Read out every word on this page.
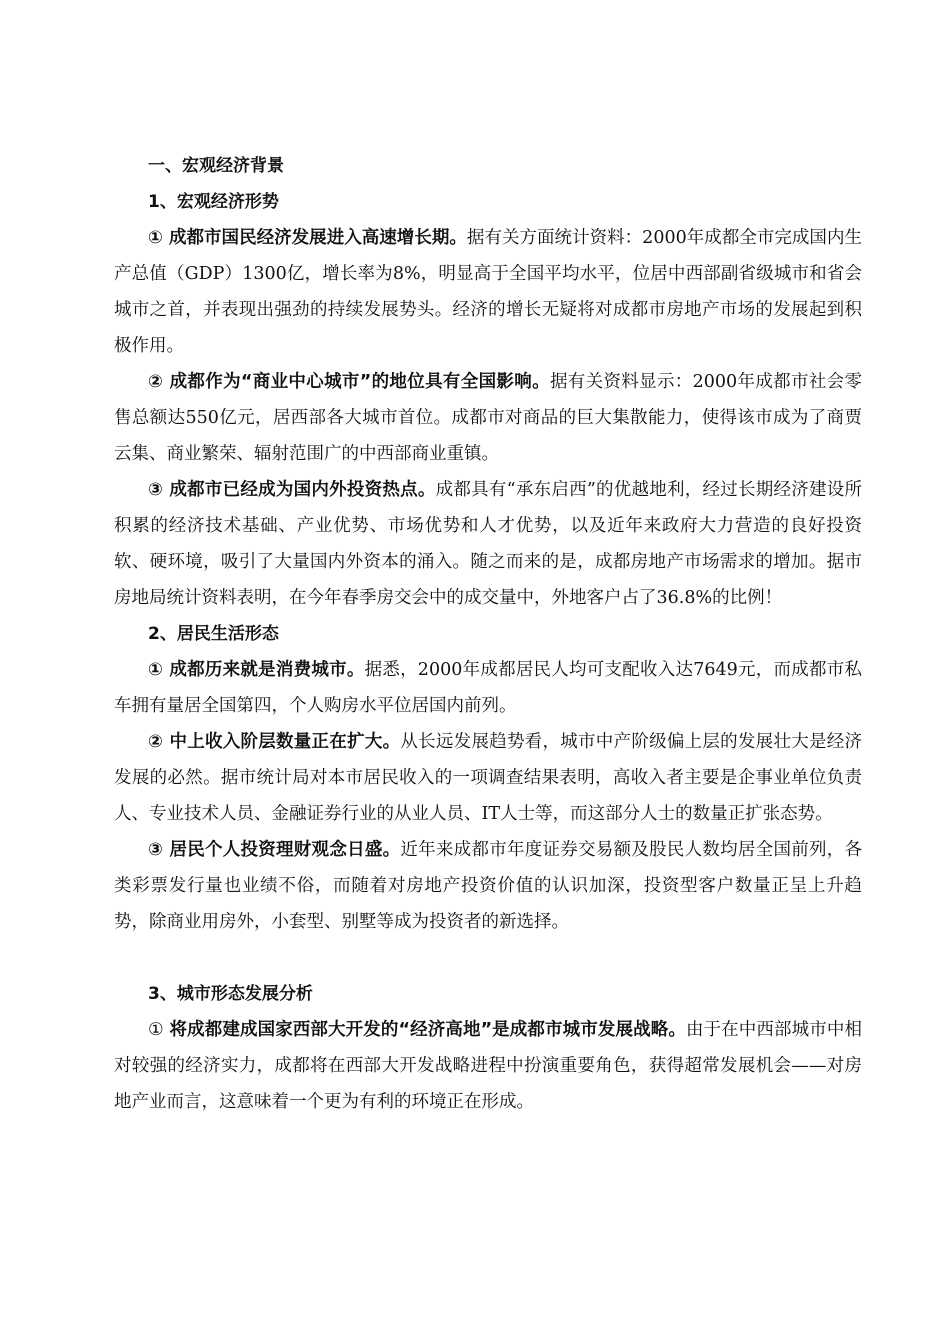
一、宏观经济背景
1、宏观经济形势

① 成都市国民经济发展进入高速增长期。据有关方面统计资料：2000年成都全市完成国内生产总值（GDP）1300亿，增长率为8%，明显高于全国平均水平，位居中西部副省级城市和省会城市之首，并表现出强劲的持续发展势头。经济的增长无疑将对成都市房地产市场的发展起到积极作用。

② 成都作为“商业中心城市”的地位具有全国影响。据有关资料显示：2000年成都市社会零售总额达550亿元，居西部各大城市首位。成都市对商品的巨大集散能力，使得该市成为了商贾云集、商业繁荣、辐射范围广的中西部商业重镇。

③ 成都市已经成为国内外投资热点。成都具有“承东启西”的优越地利，经过长期经济建设所积累的经济技术基础、产业优势、市场优势和人才优势，以及近年来政府大力营造的良好投资软、硬环境，吸引了大量国内外资本的涌入。随之而来的是，成都房地产市场需求的增加。据市房地局统计资料表明，在今年春季房交会中的成交量中，外地客户占了36.8%的比例！

2、居民生活形态

① 成都历来就是消费城市。据悉，2000年成都居民人均可支配收入达7649元，而成都市私车拥有量居全国第四，个人购房水平位居国内前列。

② 中上收入阶层数量正在扩大。从长远发展趋势看，城市中产阶级偏上层的发展壮大是经济发展的必然。据市统计局对本市居民收入的一项调查结果表明，高收入者主要是企事业单位负责人、专业技术人员、金融证券行业的从业人员、IT人士等，而这部分人士的数量正扩张态势。

③ 居民个人投资理财观念日盛。近年来成都市年度证券交易额及股民人数均居全国前列，各类彩票发行量也业绩不俗，而随着对房地产投资价值的认识加深，投资型客户数量正呈上升趋势，除商业用房外，小套型、别墅等成为投资者的新选择。

3、城市形态发展分析

① 将成都建成国家西部大开发的“经济高地”是成都市城市发展战略。由于在中西部城市中相对较强的经济实力，成都将在西部大开发战略进程中扮演重要角色，获得超常发展机会——对房地产业而言，这意味着一个更为有利的环境正在形成。
